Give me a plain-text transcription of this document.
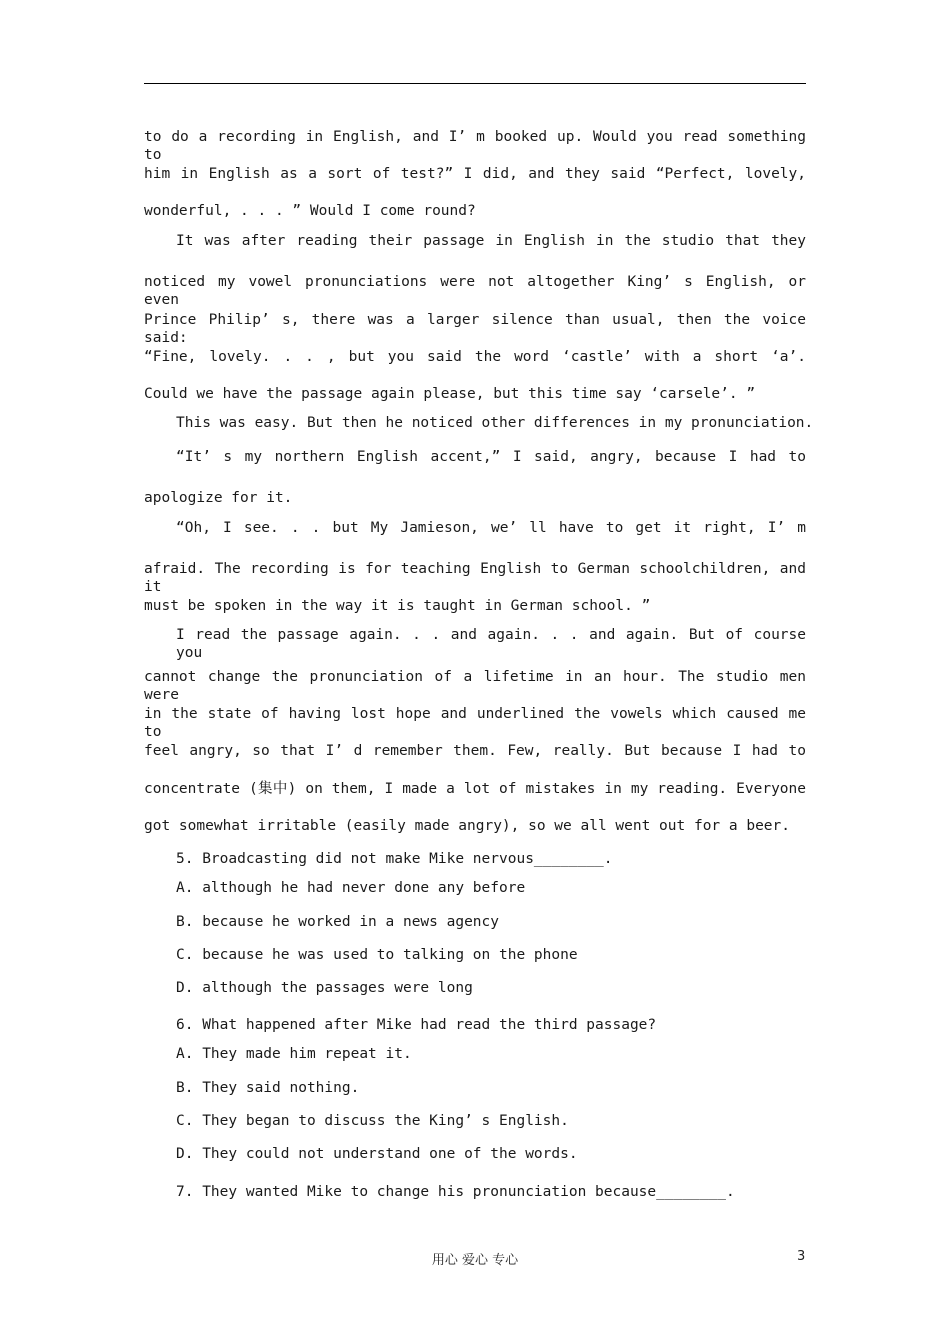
to do a recording in English, and I’ m booked up. Would you read something to
him in English as a sort of test?” I did, and they said “Perfect, lovely,
wonderful, . . . ” Would I come round?
It was after reading their passage in English in the studio that they
noticed my vowel pronunciations were not altogether King’ s English, or even
Prince Philip’ s, there was a larger silence than usual, then the voice said:
“Fine, lovely. . . , but you said the word ‘castle’ with a short ‘a’.
Could we have the passage again please, but this time say ‘carsele’. ”
This was easy. But then he noticed other differences in my pronunciation.
“It’ s my northern English accent,” I said, angry, because I had to
apologize for it.
“Oh, I see. . . but My Jamieson, we’ ll have to get it right, I’ m
afraid. The recording is for teaching English to German schoolchildren, and it
must be spoken in the way it is taught in German school. ”
I read the passage again. . . and again. . . and again. But of course you
cannot change the pronunciation of a lifetime in an hour. The studio men were
in the state of having lost hope and underlined the vowels which caused me to
feel angry, so that I’ d remember them. Few, really. But because I had to
concentrate (集中) on them, I made a lot of mistakes in my reading. Everyone
got somewhat irritable (easily made angry), so we all went out for a beer.
5. Broadcasting did not make Mike nervous________.
A. although he had never done any before
B. because he worked in a news agency
C. because he was used to talking on the phone
D. although the passages were long
6. What happened after Mike had read the third passage?
A. They made him repeat it.
B. They said nothing.
C. They began to discuss the King’ s English.
D. They could not understand one of the words.
7. They wanted Mike to change his pronunciation because________.
用心 爱心 专心	3
